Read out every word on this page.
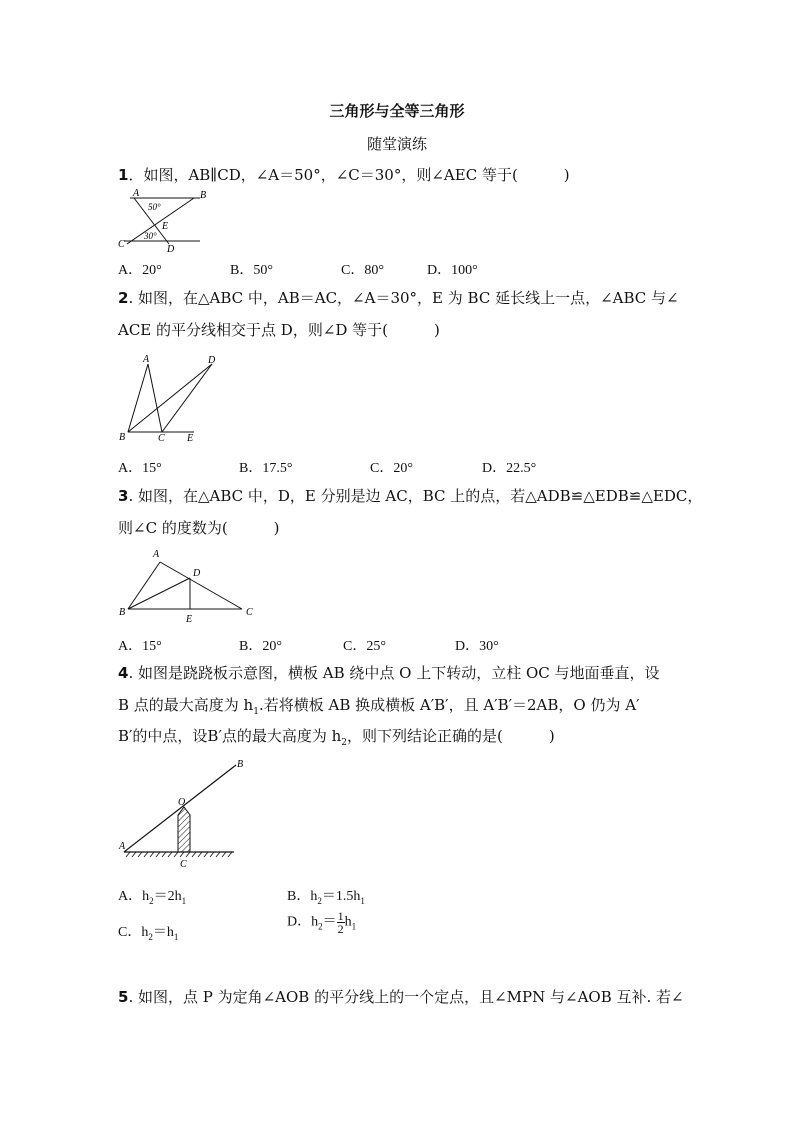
三角形与全等三角形
随堂演练
1．如图，AB∥CD，∠A＝50°，∠C＝30°，则∠AEC 等于(	)
A	B
C	D
E
50°
30°
A．20°	B．50°	C．80°	D．100°
2. 如图，在△ABC 中，AB＝AC，∠A＝30°，E 为 BC 延长线上一点，∠ABC 与∠
ACE 的平分线相交于点 D，则∠D 等于(	)
A	D
B	C E
A．15°	B．17.5°	C．20°	D．22.5°
3. 如图，在△ABC 中，D，E 分别是边 AC，BC 上的点，若△ADB≌△EDB≌△EDC，
则∠C 的度数为(	)
A
D
B
E
C
A．15°	B．20°	C．25°	D．30°
4. 如图是跷跷板示意图，横板 AB 绕中点 O 上下转动，立柱 OC 与地面垂直，设
B 点的最大高度为 $h_1$.若将横板 AB 换成横板 A′B′，且 A′B′＝2AB，O 仍为 A′
B′的中点，设B′点的最大高度为 $h_2$，则下列结论正确的是(	)
A
B
O
C
A．$h_2=2h_1$	B．$h_2=1.5h_1$
C．$h_2=h_1$
D．$h_2= \frac{1}{2} h_1$
5. 如图，点 P 为定角∠AOB 的平分线上的一个定点，且∠MPN 与∠AOB 互补. 若∠
